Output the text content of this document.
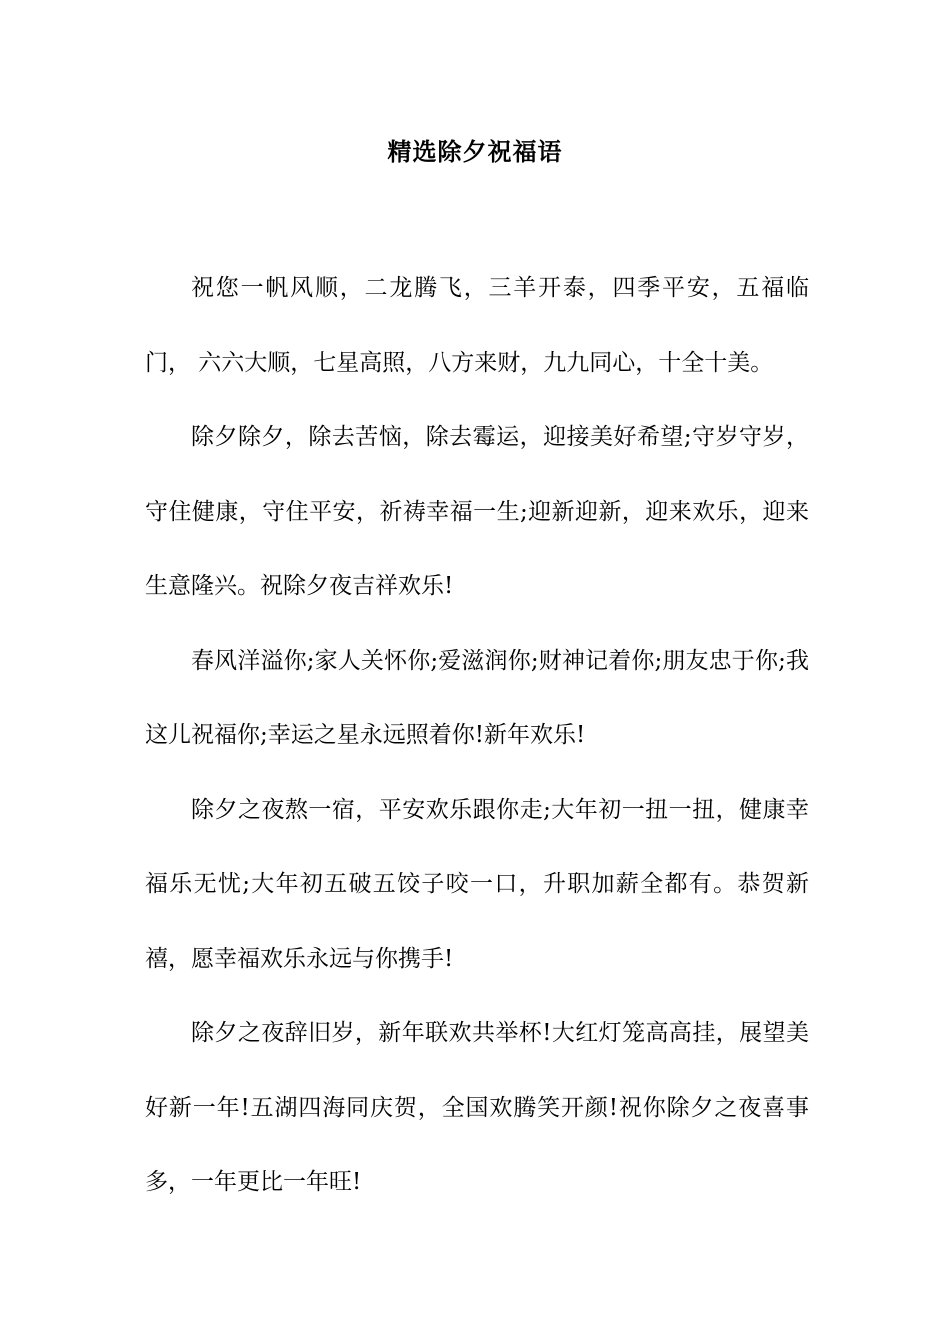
精选除夕祝福语

祝您一帆风顺，二龙腾飞，三羊开泰，四季平安，五福临门， 六六大顺，七星高照，八方来财，九九同心，十全十美。

除夕除夕，除去苦恼，除去霉运，迎接美好希望;守岁守岁，守住健康，守住平安，祈祷幸福一生;迎新迎新，迎来欢乐，迎来生意隆兴。祝除夕夜吉祥欢乐!

春风洋溢你;家人关怀你;爱滋润你;财神记着你;朋友忠于你;我这儿祝福你;幸运之星永远照着你!新年欢乐!

除夕之夜熬一宿，平安欢乐跟你走;大年初一扭一扭，健康幸福乐无忧;大年初五破五饺子咬一口，升职加薪全都有。恭贺新禧，愿幸福欢乐永远与你携手!

除夕之夜辞旧岁，新年联欢共举杯!大红灯笼高高挂，展望美好新一年!五湖四海同庆贺，全国欢腾笑开颜!祝你除夕之夜喜事多，一年更比一年旺!
